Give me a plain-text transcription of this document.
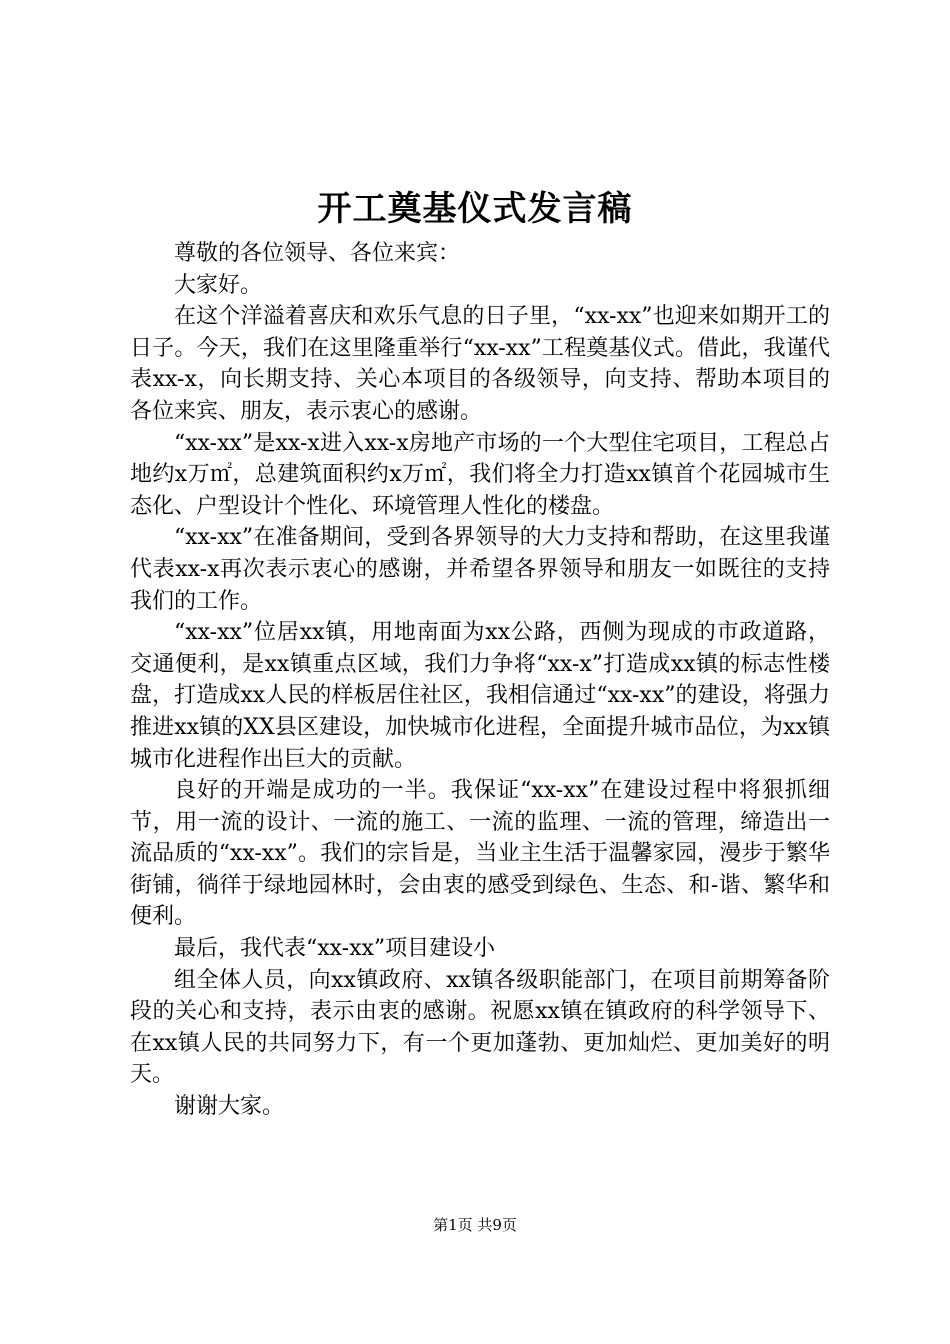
开工奠基仪式发言稿

尊敬的各位领导、各位来宾：

大家好。

在这个洋溢着喜庆和欢乐气息的日子里，“xx-xx”也迎来如期开工的日子。今天，我们在这里隆重举行“xx-xx”工程奠基仪式。借此，我谨代表xx-x，向长期支持、关心本项目的各级领导，向支持、帮助本项目的各位来宾、朋友，表示衷心的感谢。

“xx-xx”是xx-x进入xx-x房地产市场的一个大型住宅项目，工程总占地约x万㎡，总建筑面积约x万㎡，我们将全力打造xx镇首个花园城市生态化、户型设计个性化、环境管理人性化的楼盘。

“xx-xx”在准备期间，受到各界领导的大力支持和帮助，在这里我谨代表xx-x再次表示衷心的感谢，并希望各界领导和朋友一如既往的支持我们的工作。

“xx-xx”位居xx镇，用地南面为xx公路，西侧为现成的市政道路，交通便利，是xx镇重点区域，我们力争将“xx-x”打造成xx镇的标志性楼盘，打造成xx人民的样板居住社区，我相信通过“xx-xx”的建设，将强力推进xx镇的XX县区建设，加快城市化进程，全面提升城市品位，为xx镇城市化进程作出巨大的贡献。

良好的开端是成功的一半。我保证“xx-xx”在建设过程中将狠抓细节，用一流的设计、一流的施工、一流的监理、一流的管理，缔造出一流品质的“xx-xx”。我们的宗旨是，当业主生活于温馨家园，漫步于繁华街铺，徜徉于绿地园林时，会由衷的感受到绿色、生态、和-谐、繁华和便利。

最后，我代表“xx-xx”项目建设小

组全体人员，向xx镇政府、xx镇各级职能部门，在项目前期筹备阶段的关心和支持，表示由衷的感谢。祝愿xx镇在镇政府的科学领导下、在xx镇人民的共同努力下，有一个更加蓬勃、更加灿烂、更加美好的明天。

谢谢大家。

第1页 共9页
